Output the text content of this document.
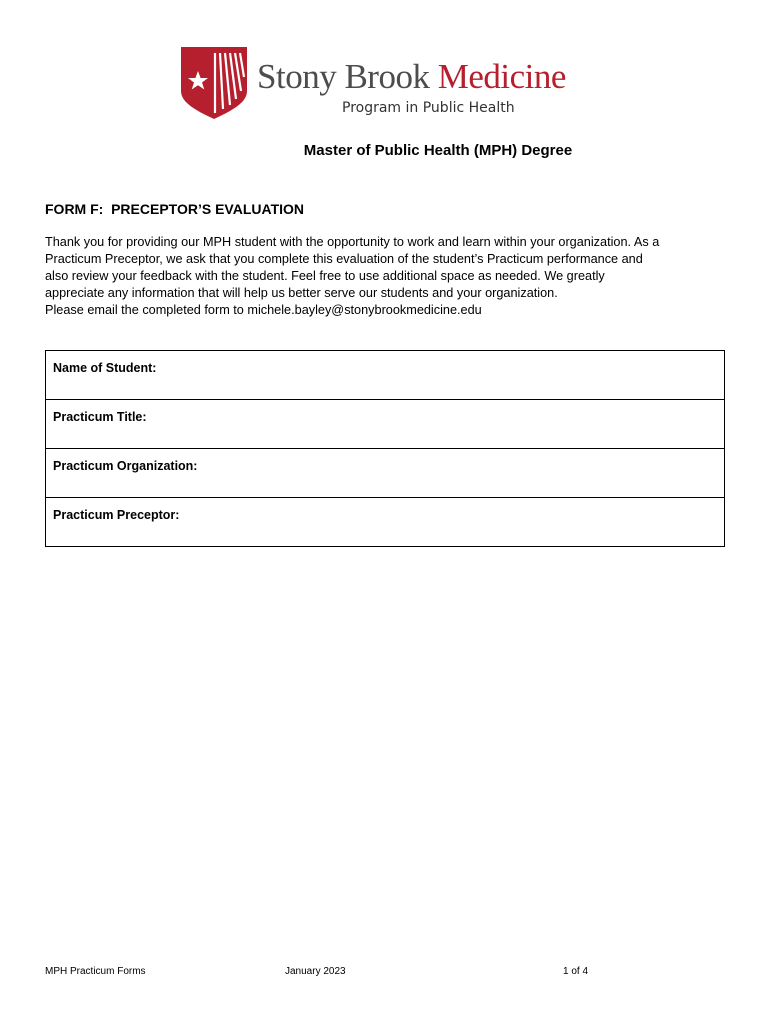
Stony Brook Medicine
Program in Public Health
Master of Public Health (MPH) Degree
FORM F:  PRECEPTOR’S EVALUATION

Thank you for providing our MPH student with the opportunity to work and learn within your organization. As a

Practicum Preceptor, we ask that you complete this evaluation of the student’s Practicum performance and

also review your feedback with the student. Feel free to use additional space as needed. We greatly

appreciate any information that will help us better serve our students and your organization.

Please email the completed form to michele.bayley@stonybrookmedicine.edu

Name of Student:

Practicum Title:

Practicum Organization:

Practicum Preceptor:
MPH Practicum Forms	January 2023	1 of 4
